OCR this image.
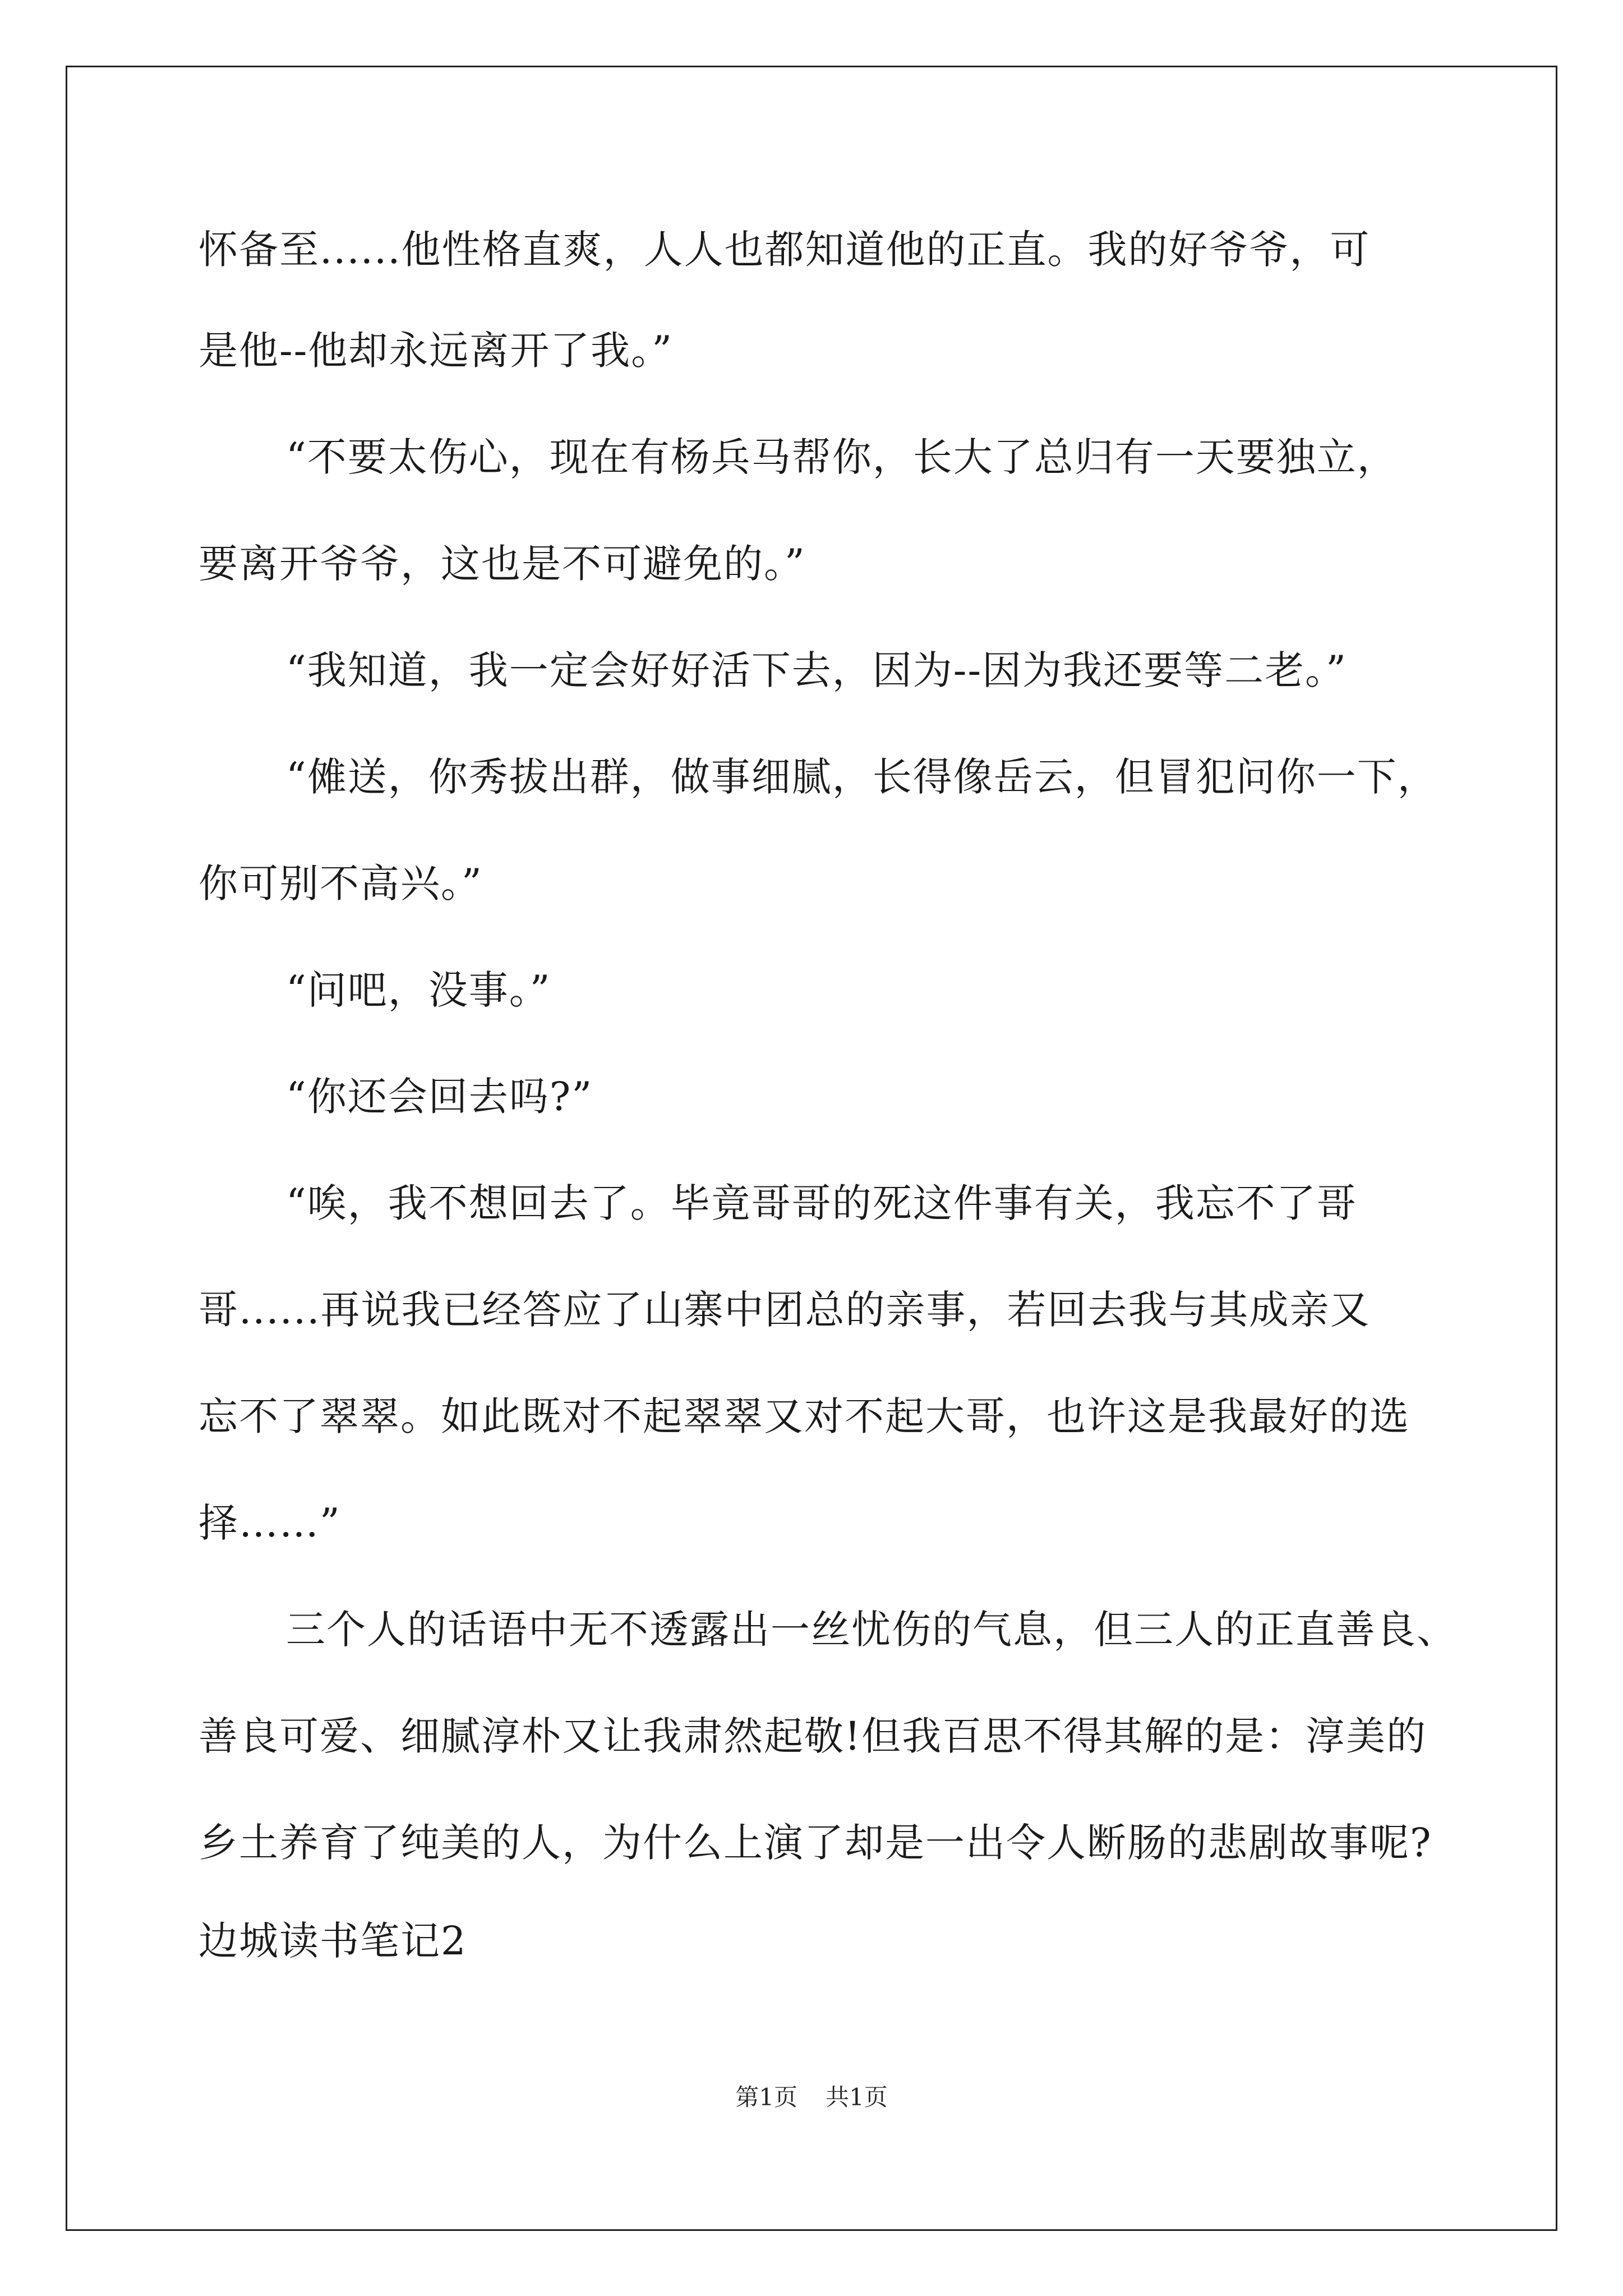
怀备至......他性格直爽，人人也都知道他的正直。我的好爷爷，可
是他--他却永远离开了我。”
“不要太伤心，现在有杨兵马帮你，长大了总归有一天要独立，
要离开爷爷，这也是不可避免的。”
“我知道，我一定会好好活下去，因为--因为我还要等二老。”
“傩送，你秀拔出群，做事细腻，长得像岳云，但冒犯问你一下，
你可别不高兴。”
“问吧，没事。”
“你还会回去吗?”
“唉，我不想回去了。毕竟哥哥的死这件事有关，我忘不了哥
哥......再说我已经答应了山寨中团总的亲事，若回去我与其成亲又
忘不了翠翠。如此既对不起翠翠又对不起大哥，也许这是我最好的选
择……”
三个人的话语中无不透露出一丝忧伤的气息，但三人的正直善良、
善良可爱、细腻淳朴又让我肃然起敬!但我百思不得其解的是：淳美的
乡土养育了纯美的人，为什么上演了却是一出令人断肠的悲剧故事呢?
边城读书笔记2
第1页 共1页
